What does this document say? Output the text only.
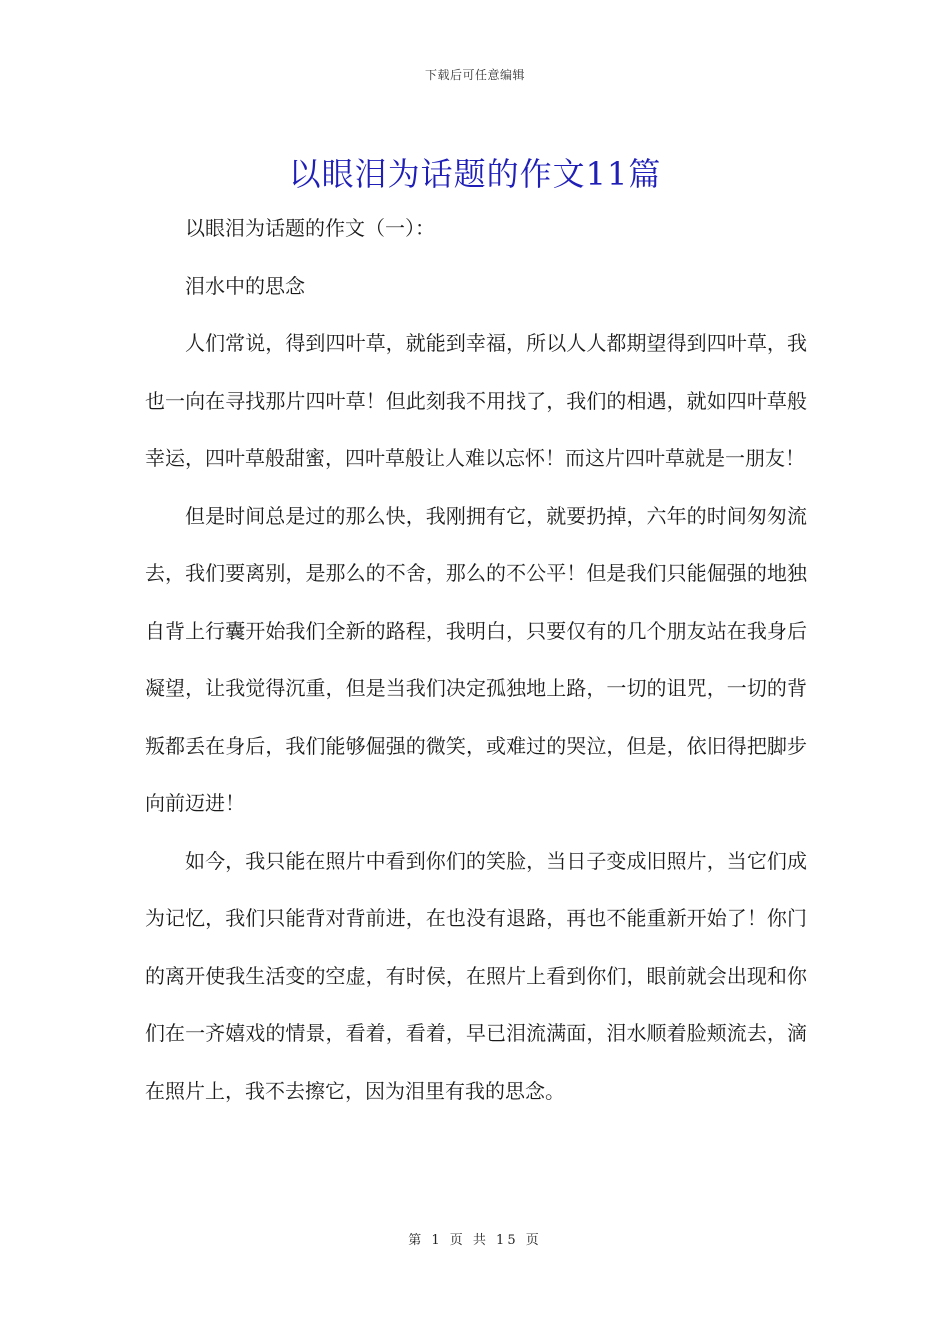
下载后可任意编辑
以眼泪为话题的作文11篇
以眼泪为话题的作文（一）：
泪水中的思念

人们常说，得到四叶草，就能到幸福，所以人人都期望得到四叶草，我也一向在寻找那片四叶草！但此刻我不用找了，我们的相遇，就如四叶草般幸运，四叶草般甜蜜，四叶草般让人难以忘怀！而这片四叶草就是一朋友！

但是时间总是过的那么快，我刚拥有它，就要扔掉，六年的时间匆匆流去，我们要离别，是那么的不舍，那么的不公平！但是我们只能倔强的地独自背上行囊开始我们全新的路程，我明白，只要仅有的几个朋友站在我身后凝望，让我觉得沉重，但是当我们决定孤独地上路，一切的诅咒，一切的背叛都丢在身后，我们能够倔强的微笑，或难过的哭泣，但是，依旧得把脚步向前迈进！

如今，我只能在照片中看到你们的笑脸，当日子变成旧照片，当它们成为记忆，我们只能背对背前进，在也没有退路，再也不能重新开始了！你门的离开使我生活变的空虚，有时侯，在照片上看到你们，眼前就会出现和你们在一齐嬉戏的情景，看着，看着，早已泪流满面，泪水顺着脸颊流去，滴在照片上，我不去擦它，因为泪里有我的思念。

第 1 页 共 15 页
